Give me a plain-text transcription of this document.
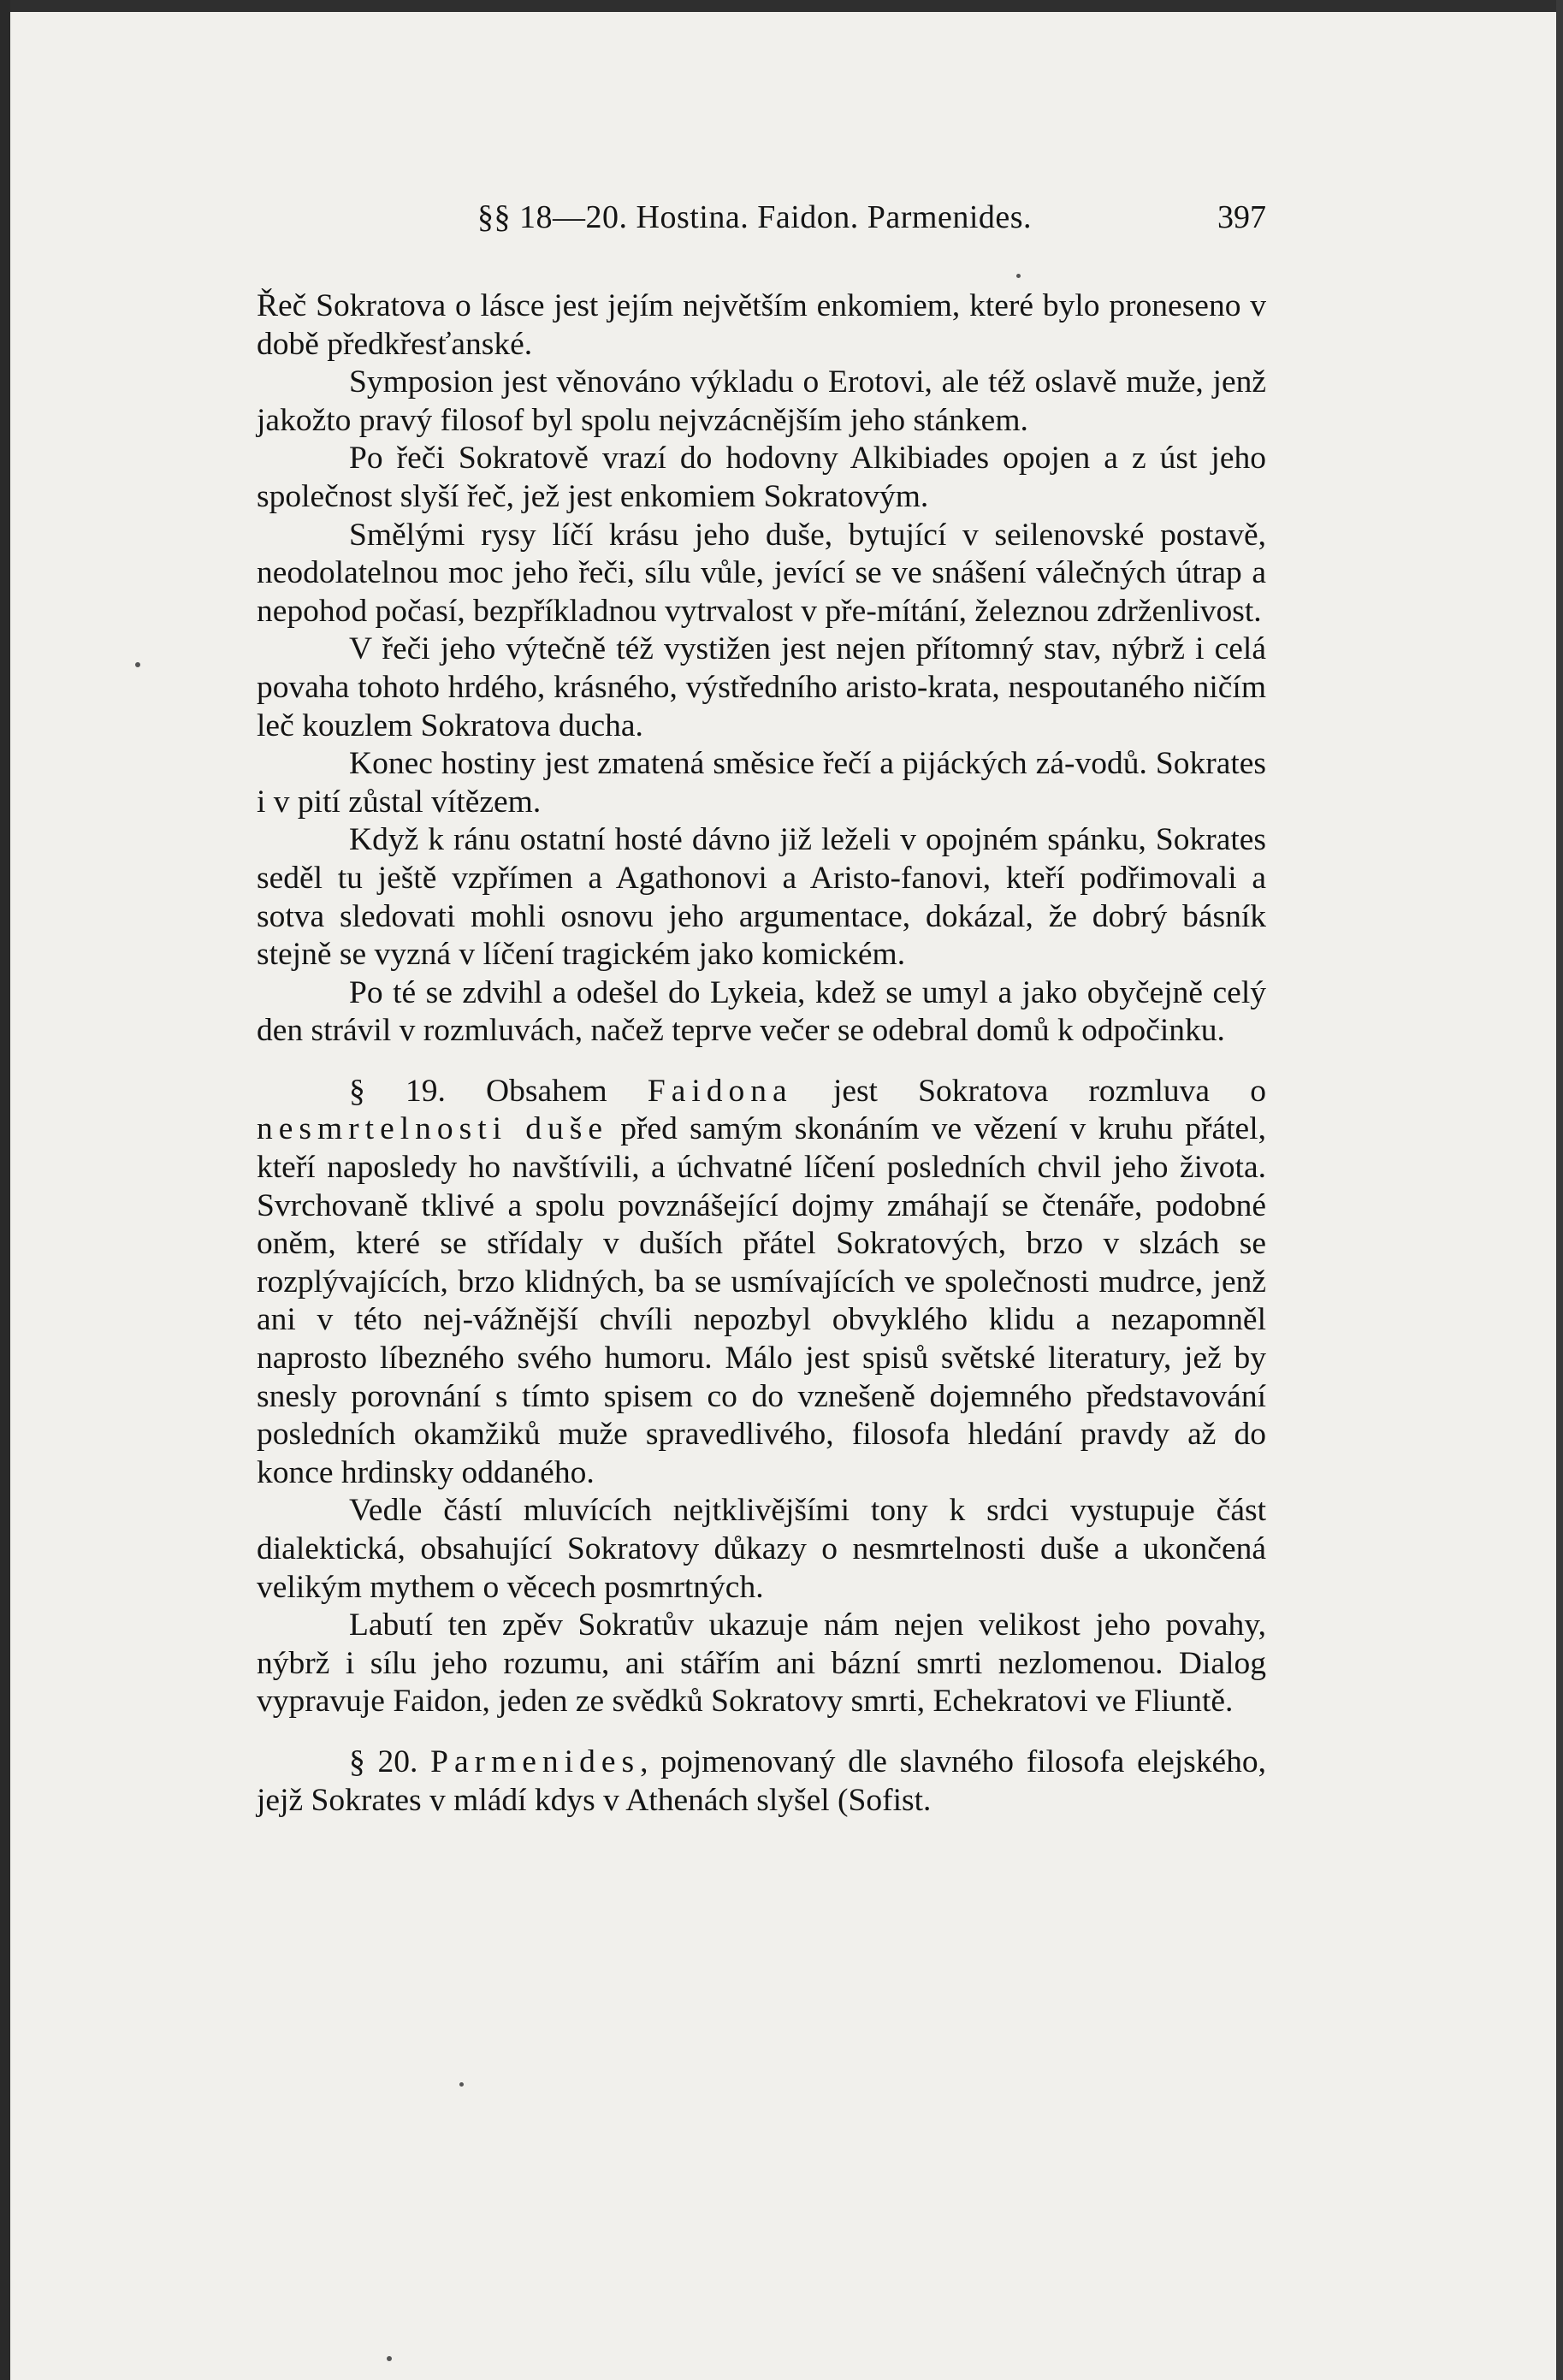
§§ 18—20. Hostina. Faidon. Parmenides.	397

Řeč Sokratova o lásce jest jejím největším enkomiem, které bylo proneseno v době předkřesťanské.

Symposion jest věnováno výkladu o Erotovi, ale též oslavě muže, jenž jakožto pravý filosof byl spolu nejvzácnějším jeho stánkem.

Po řeči Sokratově vrazí do hodovny Alkibiades opojen a z úst jeho společnost slyší řeč, jež jest enkomiem Sokratovým.

Smělými rysy líčí krásu jeho duše, bytující v seilenovské postavě, neodolatelnou moc jeho řeči, sílu vůle, jevící se ve snášení válečných útrap a nepohod počasí, bezpříkladnou vytrvalost v pře-mítání, železnou zdrženlivost.

V řeči jeho výtečně též vystižen jest nejen přítomný stav, nýbrž i celá povaha tohoto hrdého, krásného, výstředního aristo-krata, nespoutaného ničím leč kouzlem Sokratova ducha.

Konec hostiny jest zmatená směsice řečí a pijáckých zá-vodů. Sokrates i v pití zůstal vítězem.

Když k ránu ostatní hosté dávno již leželi v opojném spánku, Sokrates seděl tu ještě vzpřímen a Agathonovi a Aristo-fanovi, kteří podřimovali a sotva sledovati mohli osnovu jeho argumentace, dokázal, že dobrý básník stejně se vyzná v líčení tragickém jako komickém.

Po té se zdvihl a odešel do Lykeia, kdež se umyl a jako obyčejně celý den strávil v rozmluvách, načež teprve večer se odebral domů k odpočinku.

§ 19. Obsahem Faidona jest Sokratova rozmluva o nesmrtelnosti duše před samým skonáním ve vězení v kruhu přátel, kteří naposledy ho navštívili, a úchvatné líčení posledních chvil jeho života. Svrchovaně tklivé a spolu povznášející dojmy zmáhají se čtenáře, podobné oněm, které se střídaly v duších přátel Sokratových, brzo v slzách se rozplývajících, brzo klidných, ba se usmívajících ve společnosti mudrce, jenž ani v této nej-vážnější chvíli nepozbyl obvyklého klidu a nezapomněl naprosto líbezného svého humoru. Málo jest spisů světské literatury, jež by snesly porovnání s tímto spisem co do vznešeně dojemného představování posledních okamžiků muže spravedlivého, filosofa hledání pravdy až do konce hrdinsky oddaného.

Vedle částí mluvících nejtklivějšími tony k srdci vystupuje část dialektická, obsahující Sokratovy důkazy o nesmrtelnosti duše a ukončená velikým mythem o věcech posmrtných.

Labutí ten zpěv Sokratův ukazuje nám nejen velikost jeho povahy, nýbrž i sílu jeho rozumu, ani stářím ani bázní smrti nezlomenou. Dialog vypravuje Faidon, jeden ze svědků Sokratovy smrti, Echekratovi ve Fliuntě.

§ 20. Parmenides, pojmenovaný dle slavného filosofa elejského, jejž Sokrates v mládí kdys v Athenách slyšel (Sofist.
